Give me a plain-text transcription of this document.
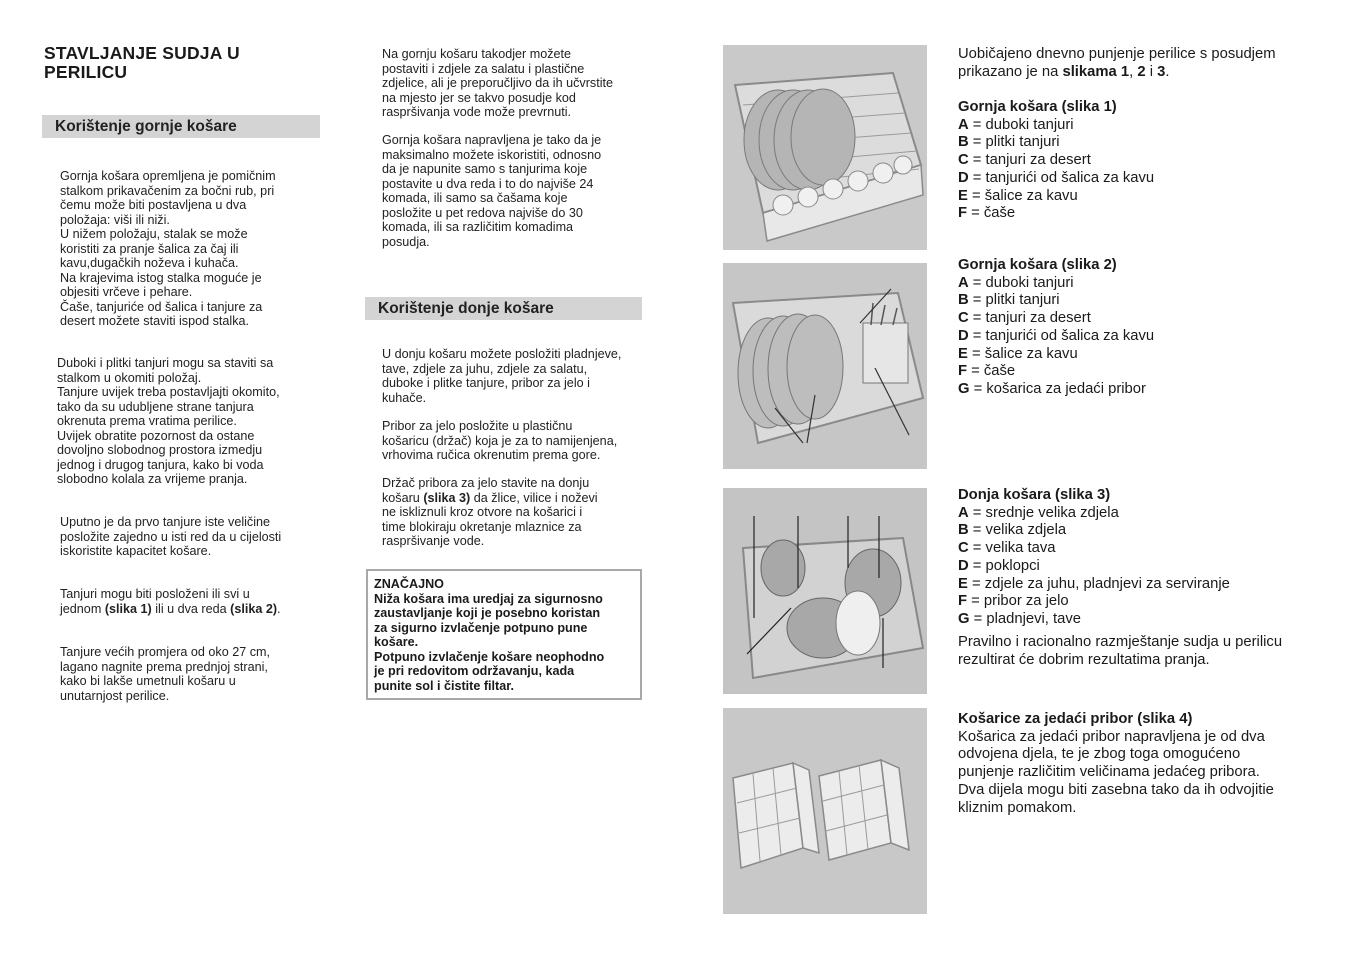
STAVLJANJE SUDJA U
PERILICU
Korištenje gornje košare
Gornja košara opremljena je pomičnim
stalkom prikavačenim za bočni rub, pri
čemu može biti postavljena u dva
položaja: viši ili niži.
U nižem položaju, stalak se može
koristiti za pranje šalica za čaj ili
kavu,dugačkih noževa i kuhača.
Na krajevima istog stalka moguće je
objesiti vrčeve i pehare.
Čaše, tanjuriće od šalica i tanjure za
desert možete staviti ispod stalka.
Duboki i plitki tanjuri mogu sa staviti sa
stalkom u okomiti položaj.
Tanjure uvijek treba postavljajti okomito,
tako da su udubljene strane tanjura
okrenuta prema vratima perilice.
Uvijek obratite pozornost da ostane
dovoljno slobodnog prostora izmedju
jednog i drugog tanjura, kako bi voda
slobodno kolala za vrijeme pranja.
Uputno je da prvo tanjure iste veličine
posložite zajedno u isti red da u cijelosti
iskoristite kapacitet košare.
Tanjuri mogu biti posloženi ili svi u
jednom (slika 1) ili u dva reda (slika 2).
Tanjure većih promjera od oko 27 cm,
lagano nagnite prema prednjoj strani,
kako bi lakše umetnuli košaru u
unutarnjost perilice.
Na gornju košaru takodjer možete
postaviti i zdjele za salatu i plastične
zdjelice, ali je preporučljivo da ih učvrstite
na mjesto jer se takvo posudje kod
raspršivanja vode može prevrnuti.
Gornja košara napravljena je tako da je
maksimalno možete iskoristiti, odnosno
da je napunite samo s tanjurima koje
postavite u dva reda i to do najviše 24
komada, ili samo sa čašama koje
posložite u pet redova najviše do 30
komada, ili sa različitim komadima
posudja.
Korištenje donje košare
U donju košaru možete posložiti pladnjeve,
tave, zdjele za juhu, zdjele za salatu,
duboke i plitke tanjure, pribor za jelo i
kuhače.
Pribor za jelo posložite u plastičnu
košaricu (držač) koja je za to namijenjena,
vrhovima ručica okrenutim prema gore.
Držač pribora za jelo stavite na donju
košaru (slika 3) da žlice, vilice i noževi
ne iskliznuli kroz otvore na košarici i
time blokiraju okretanje mlaznice za
raspršivanje vode.
ZNAČAJNO
Niža košara ima uredjaj za sigurnosno
zaustavljanje koji je posebno koristan
za sigurno izvlačenje potpuno pune
košare.
Potpuno izvlačenje košare neophodno
je pri redovitom održavanju, kada
punite sol i čistite filtar.
Uobičajeno dnevno punjenje perilice s posudjem
prikazano je na slikama 1, 2 i 3.
Gornja košara (slika 1)
A = duboki tanjuri
B = plitki tanjuri
C = tanjuri za desert
D = tanjurići od šalica za kavu
E = šalice za kavu
F = čaše
Gornja košara (slika 2)
A = duboki tanjuri
B = plitki tanjuri
C = tanjuri za desert
D = tanjurići od šalica za kavu
E = šalice za kavu
F = čaše
G = košarica za jedaći pribor
Donja košara (slika 3)
A = srednje velika zdjela
B = velika zdjela
C = velika tava
D = poklopci
E = zdjele za juhu, pladnjevi za serviranje
F = pribor za jelo
G = pladnjevi, tave
Pravilno i racionalno razmještanje sudja u perilicu
rezultirat će dobrim rezultatima pranja.
Košarice za jedaći pribor (slika 4)
Košarica za jedaći pribor napravljena je od dva
odvojena djela, te je zbog toga omogućeno
punjenje različitim veličinama jedaćeg pribora.
Dva dijela mogu biti zasebna tako da ih odvojitie
kliznim pomakom.
